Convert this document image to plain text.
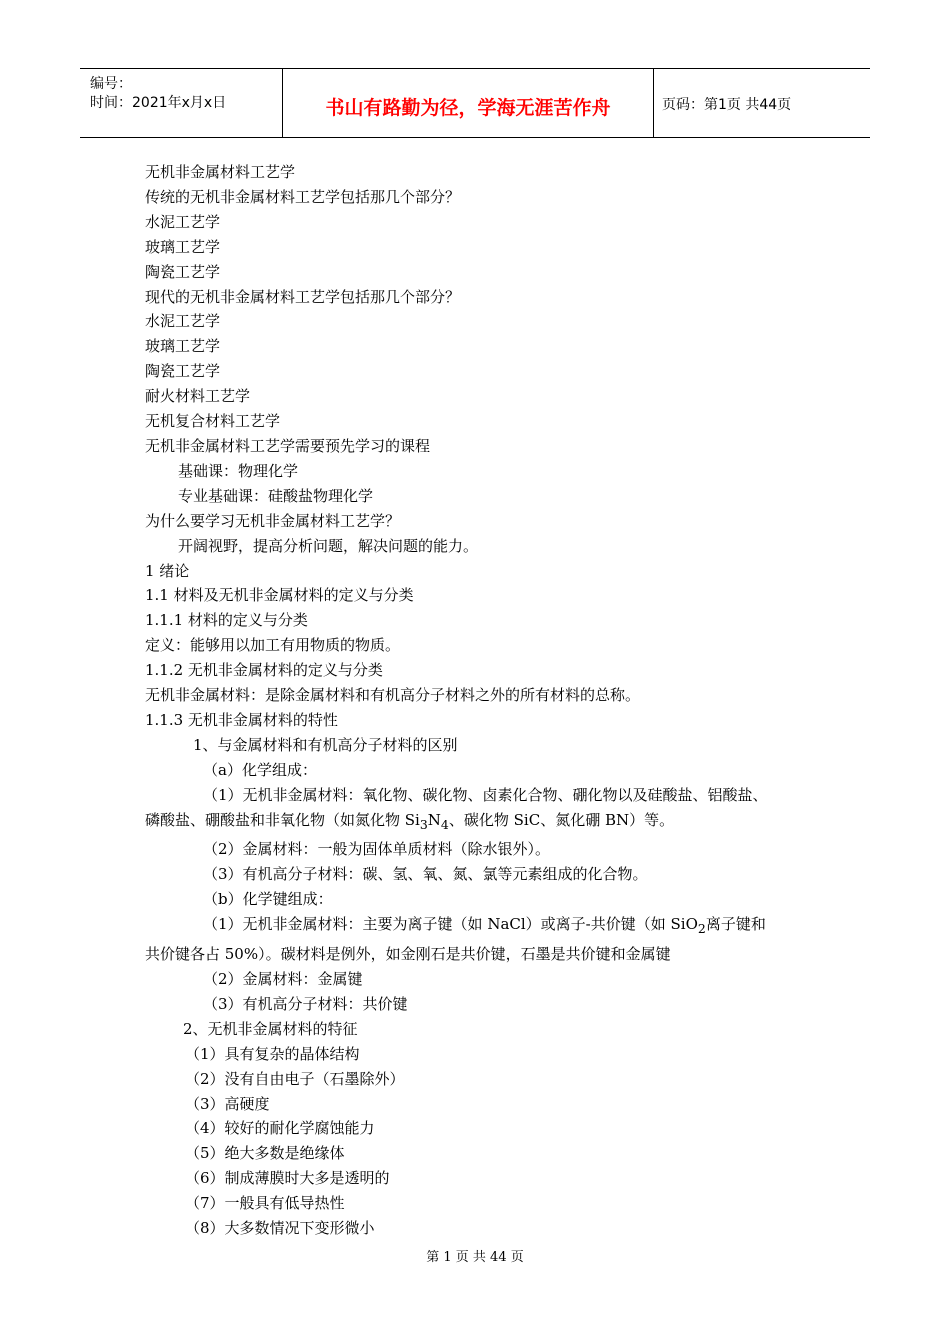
编号：
时间：2021年x月x日	书山有路勤为径，学海无涯苦作舟	页码：第1页 共44页
无机非金属材料工艺学
传统的无机非金属材料工艺学包括那几个部分？
水泥工艺学
玻璃工艺学
陶瓷工艺学
现代的无机非金属材料工艺学包括那几个部分？
水泥工艺学
玻璃工艺学
陶瓷工艺学
耐火材料工艺学
无机复合材料工艺学
无机非金属材料工艺学需要预先学习的课程
基础课：物理化学
专业基础课：硅酸盐物理化学
为什么要学习无机非金属材料工艺学？
开阔视野，提高分析问题，解决问题的能力。
1 绪论
1.1 材料及无机非金属材料的定义与分类
1.1.1 材料的定义与分类
定义：能够用以加工有用物质的物质。
1.1.2 无机非金属材料的定义与分类
无机非金属材料：是除金属材料和有机高分子材料之外的所有材料的总称。
1.1.3 无机非金属材料的特性
1、与金属材料和有机高分子材料的区别
（a）化学组成：
（1）无机非金属材料：氧化物、碳化物、卤素化合物、硼化物以及硅酸盐、铝酸盐、
磷酸盐、硼酸盐和非氧化物（如氮化物 $Si_3N_4$、碳化物 SiC、氮化硼 BN）等。
（2）金属材料：一般为固体单质材料（除水银外）。
（3）有机高分子材料：碳、氢、氧、氮、氯等元素组成的化合物。
（b）化学键组成：
（1）无机非金属材料：主要为离子键（如 NaCl）或离子-共价键（如 SiO$_2$离子键和
共价键各占 50%）。碳材料是例外，如金刚石是共价键，石墨是共价键和金属键
（2）金属材料：金属键
（3）有机高分子材料：共价键
2、无机非金属材料的特征
（1）具有复杂的晶体结构
（2）没有自由电子（石墨除外）
（3）高硬度
（4）较好的耐化学腐蚀能力
（5）绝大多数是绝缘体
（6）制成薄膜时大多是透明的
（7）一般具有低导热性
（8）大多数情况下变形微小
第 1 页 共 44 页
